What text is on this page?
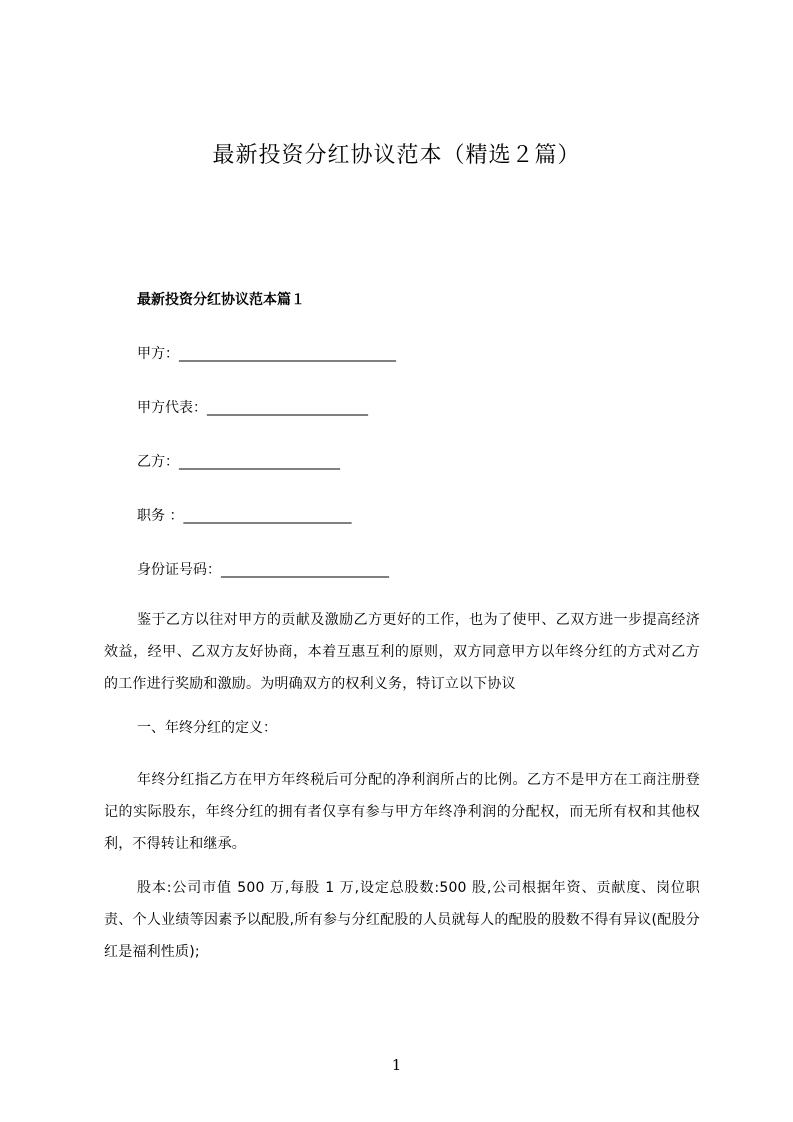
最新投资分红协议范本（精选２篇）
最新投资分红协议范本篇１
甲方：_______________________________
甲方代表：_______________________
乙方：_______________________
职务 ：________________________
身份证号码：________________________
鉴于乙方以往对甲方的贡献及激励乙方更好的工作，也为了使甲、乙双方进一步提高经济效益，经甲、乙双方友好协商，本着互惠互利的原则，双方同意甲方以年终分红的方式对乙方的工作进行奖励和激励。为明确双方的权利义务，特订立以下协议
一、年终分红的定义：
年终分红指乙方在甲方年终税后可分配的净利润所占的比例。乙方不是甲方在工商注册登记的实际股东，年终分红的拥有者仅享有参与甲方年终净利润的分配权，而无所有权和其他权利，不得转让和继承。
股本:公司市值 500 万,每股 1 万,设定总股数:500 股,公司根据年资、贡献度、岗位职责、个人业绩等因素予以配股,所有参与分红配股的人员就每人的配股的股数不得有异议(配股分红是福利性质);
1
